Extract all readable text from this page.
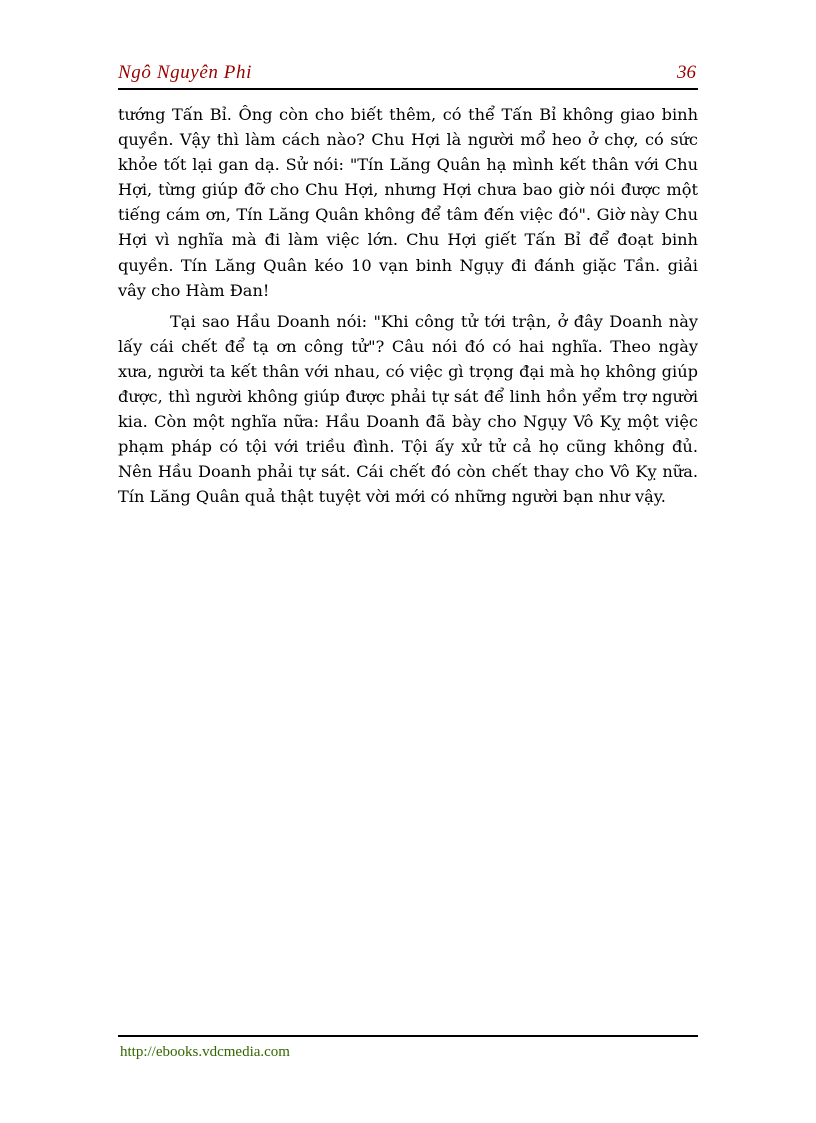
Ngô Nguyên Phi	36

tướng Tấn Bỉ. Ông còn cho biết thêm, có thể Tấn Bỉ không giao binh quyền. Vậy thì làm cách nào? Chu Hợi là người mổ heo ở chợ, có sức khỏe tốt lại gan dạ. Sử nói: "Tín Lăng Quân hạ mình kết thân với Chu Hợi, từng giúp đỡ cho Chu Hợi, nhưng Hợi chưa bao giờ nói được một tiếng cám ơn, Tín Lăng Quân không để tâm đến việc đó". Giờ này Chu Hợi vì nghĩa mà đi làm việc lớn. Chu Hợi giết Tấn Bỉ để đoạt binh quyền. Tín Lăng Quân kéo 10 vạn binh Ngụy đi đánh giặc Tần. giải vây cho Hàm Đan!

Tại sao Hầu Doanh nói: "Khi công tử tới trận, ở đây Doanh này lấy cái chết để tạ ơn công tử"? Câu nói đó có hai nghĩa. Theo ngày xưa, người ta kết thân với nhau, có việc gì trọng đại mà họ không giúp được, thì người không giúp được phải tự sát để linh hồn yểm trợ người kia. Còn một nghĩa nữa: Hầu Doanh đã bày cho Ngụy Vô Kỵ một việc phạm pháp có tội với triều đình. Tội ấy xử tử cả họ cũng không đủ. Nên Hầu Doanh phải tự sát. Cái chết đó còn chết thay cho Vô Kỵ nữa. Tín Lăng Quân quả thật tuyệt vời mới có những người bạn như vậy.

http://ebooks.vdcmedia.com
